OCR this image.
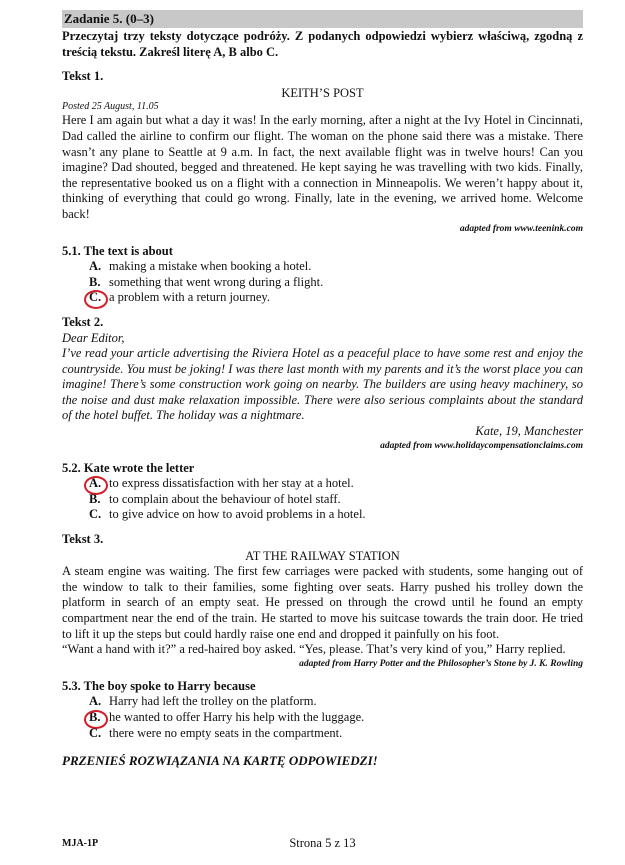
Zadanie 5. (0–3)
Przeczytaj trzy teksty dotyczące podróży. Z podanych odpowiedzi wybierz właściwą, zgodną z treścią tekstu. Zakreśl literę A, B albo C.
Tekst 1.
KEITH’S POST
Posted 25 August, 11.05
Here I am again but what a day it was! In the early morning, after a night at the Ivy Hotel in Cincinnati, Dad called the airline to confirm our flight. The woman on the phone said there was a mistake. There wasn’t any plane to Seattle at 9 a.m. In fact, the next available flight was in twelve hours! Can you imagine? Dad shouted, begged and threatened. He kept saying he was travelling with two kids. Finally, the representative booked us on a flight with a connection in Minneapolis. We weren’t happy about it, thinking of everything that could go wrong. Finally, late in the evening, we arrived home. Welcome back!
adapted from www.teenink.com
5.1. The text is about
A. making a mistake when booking a hotel.
B. something that went wrong during a flight.
C. a problem with a return journey.
Tekst 2.
Dear Editor,
I’ve read your article advertising the Riviera Hotel as a peaceful place to have some rest and enjoy the countryside. You must be joking! I was there last month with my parents and it’s the worst place you can imagine! There’s some construction work going on nearby. The builders are using heavy machinery, so the noise and dust make relaxation impossible. There were also serious complaints about the standard of the hotel buffet. The holiday was a nightmare.
Kate, 19, Manchester
adapted from www.holidaycompensationclaims.com
5.2. Kate wrote the letter
A. to express dissatisfaction with her stay at a hotel.
B. to complain about the behaviour of hotel staff.
C. to give advice on how to avoid problems in a hotel.
Tekst 3.
AT THE RAILWAY STATION
A steam engine was waiting. The first few carriages were packed with students, some hanging out of the window to talk to their families, some fighting over seats. Harry pushed his trolley down the platform in search of an empty seat. He pressed on through the crowd until he found an empty compartment near the end of the train. He started to move his suitcase towards the train door. He tried to lift it up the steps but could hardly raise one end and dropped it painfully on his foot.
“Want a hand with it?” a red-haired boy asked. “Yes, please. That’s very kind of you,” Harry replied.
adapted from Harry Potter and the Philosopher’s Stone by J. K. Rowling
5.3. The boy spoke to Harry because
A. Harry had left the trolley on the platform.
B. he wanted to offer Harry his help with the luggage.
C. there were no empty seats in the compartment.
PRZENIEŚ ROZWIĄZANIA NA KARTĘ ODPOWIEDZI!
Strona 5 z 13
MJA-1P
